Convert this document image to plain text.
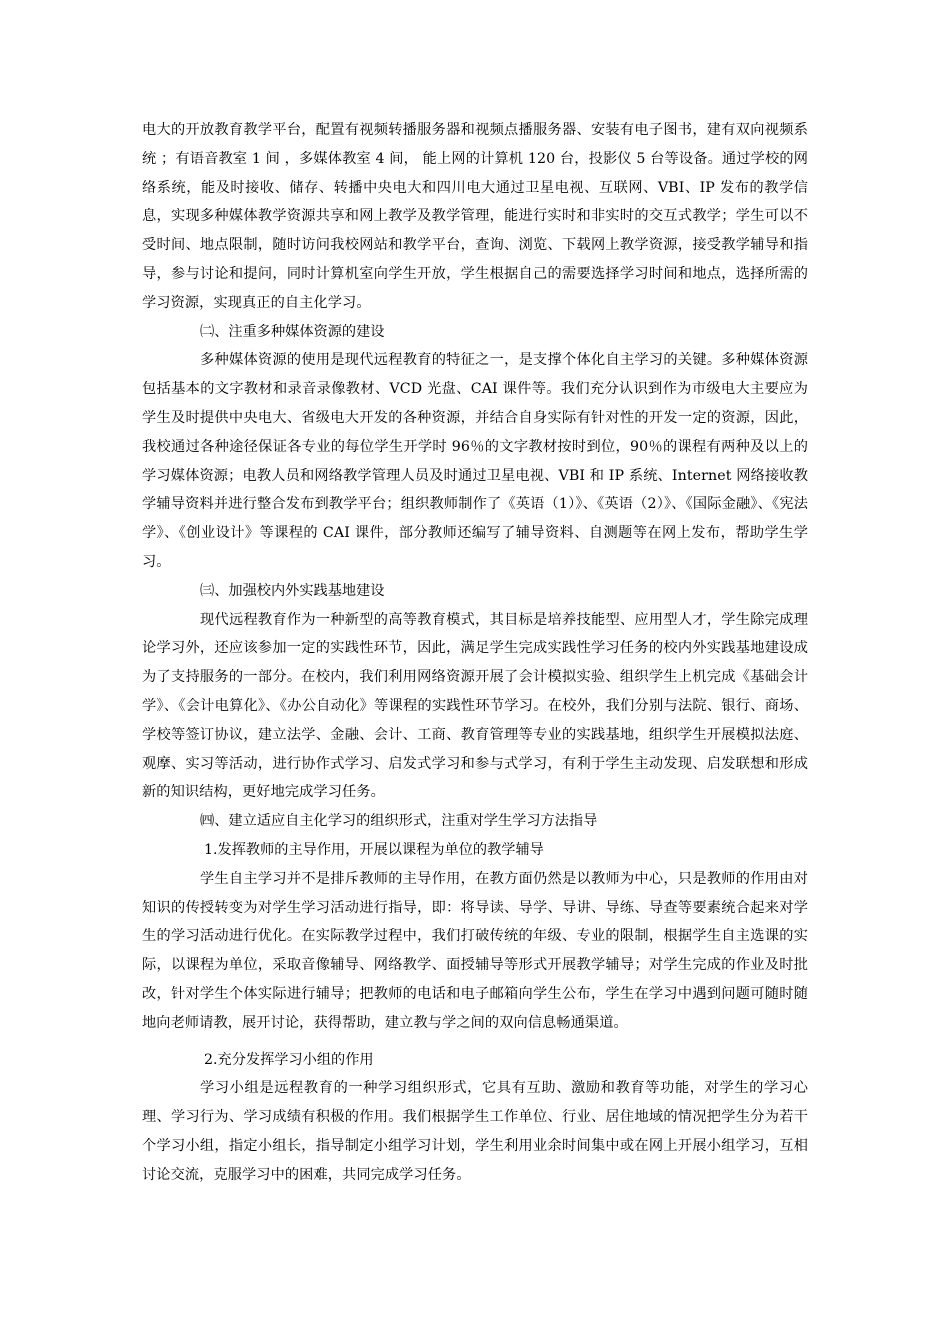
电大的开放教育教学平台，配置有视频转播服务器和视频点播服务器、安装有电子图书，建有双向视频系统 ；有语音教室 1 间 ，多媒体教室 4 间， 能上网的计算机 120 台，投影仪 5 台等设备。通过学校的网络系统，能及时接收、储存、转播中央电大和四川电大通过卫星电视、互联网、VBI、IP 发布的教学信息，实现多种媒体教学资源共享和网上教学及教学管理，能进行实时和非实时的交互式教学；学生可以不受时间、地点限制，随时访问我校网站和教学平台，查询、浏览、下载网上教学资源，接受教学辅导和指导，参与讨论和提问，同时计算机室向学生开放，学生根据自己的需要选择学习时间和地点，选择所需的学习资源，实现真正的自主化学习。

㈡、注重多种媒体资源的建设

多种媒体资源的使用是现代远程教育的特征之一，是支撑个体化自主学习的关键。多种媒体资源包括基本的文字教材和录音录像教材、VCD 光盘、CAI 课件等。我们充分认识到作为市级电大主要应为学生及时提供中央电大、省级电大开发的各种资源，并结合自身实际有针对性的开发一定的资源，因此，我校通过各种途径保证各专业的每位学生开学时 96％的文字教材按时到位，90％的课程有两种及以上的学习媒体资源；电教人员和网络教学管理人员及时通过卫星电视、VBI 和 IP 系统、Internet 网络接收教学辅导资料并进行整合发布到教学平台；组织教师制作了《英语（1）》、《英语（2）》、《国际金融》、《宪法学》、《创业设计》等课程的 CAI 课件，部分教师还编写了辅导资料、自测题等在网上发布，帮助学生学习。

㈢、加强校内外实践基地建设

现代远程教育作为一种新型的高等教育模式，其目标是培养技能型、应用型人才，学生除完成理论学习外，还应该参加一定的实践性环节，因此，满足学生完成实践性学习任务的校内外实践基地建设成为了支持服务的一部分。在校内，我们利用网络资源开展了会计模拟实验、组织学生上机完成《基础会计学》、《会计电算化》、《办公自动化》等课程的实践性环节学习。在校外，我们分别与法院、银行、商场、学校等签订协议，建立法学、金融、会计、工商、教育管理等专业的实践基地，组织学生开展模拟法庭、观摩、实习等活动，进行协作式学习、启发式学习和参与式学习，有利于学生主动发现、启发联想和形成新的知识结构，更好地完成学习任务。

㈣、建立适应自主化学习的组织形式，注重对学生学习方法指导

1.发挥教师的主导作用，开展以课程为单位的教学辅导

学生自主学习并不是排斥教师的主导作用，在教方面仍然是以教师为中心，只是教师的作用由对知识的传授转变为对学生学习活动进行指导，即：将导读、导学、导讲、导练、导查等要素统合起来对学生的学习活动进行优化。在实际教学过程中，我们打破传统的年级、专业的限制，根据学生自主选课的实际，以课程为单位，采取音像辅导、网络教学、面授辅导等形式开展教学辅导；对学生完成的作业及时批改，针对学生个体实际进行辅导；把教师的电话和电子邮箱向学生公布，学生在学习中遇到问题可随时随地向老师请教，展开讨论，获得帮助，建立教与学之间的双向信息畅通渠道。

2.充分发挥学习小组的作用

学习小组是远程教育的一种学习组织形式，它具有互助、激励和教育等功能，对学生的学习心理、学习行为、学习成绩有积极的作用。我们根据学生工作单位、行业、居住地域的情况把学生分为若干个学习小组，指定小组长，指导制定小组学习计划，学生利用业余时间集中或在网上开展小组学习，互相讨论交流，克服学习中的困难，共同完成学习任务。
